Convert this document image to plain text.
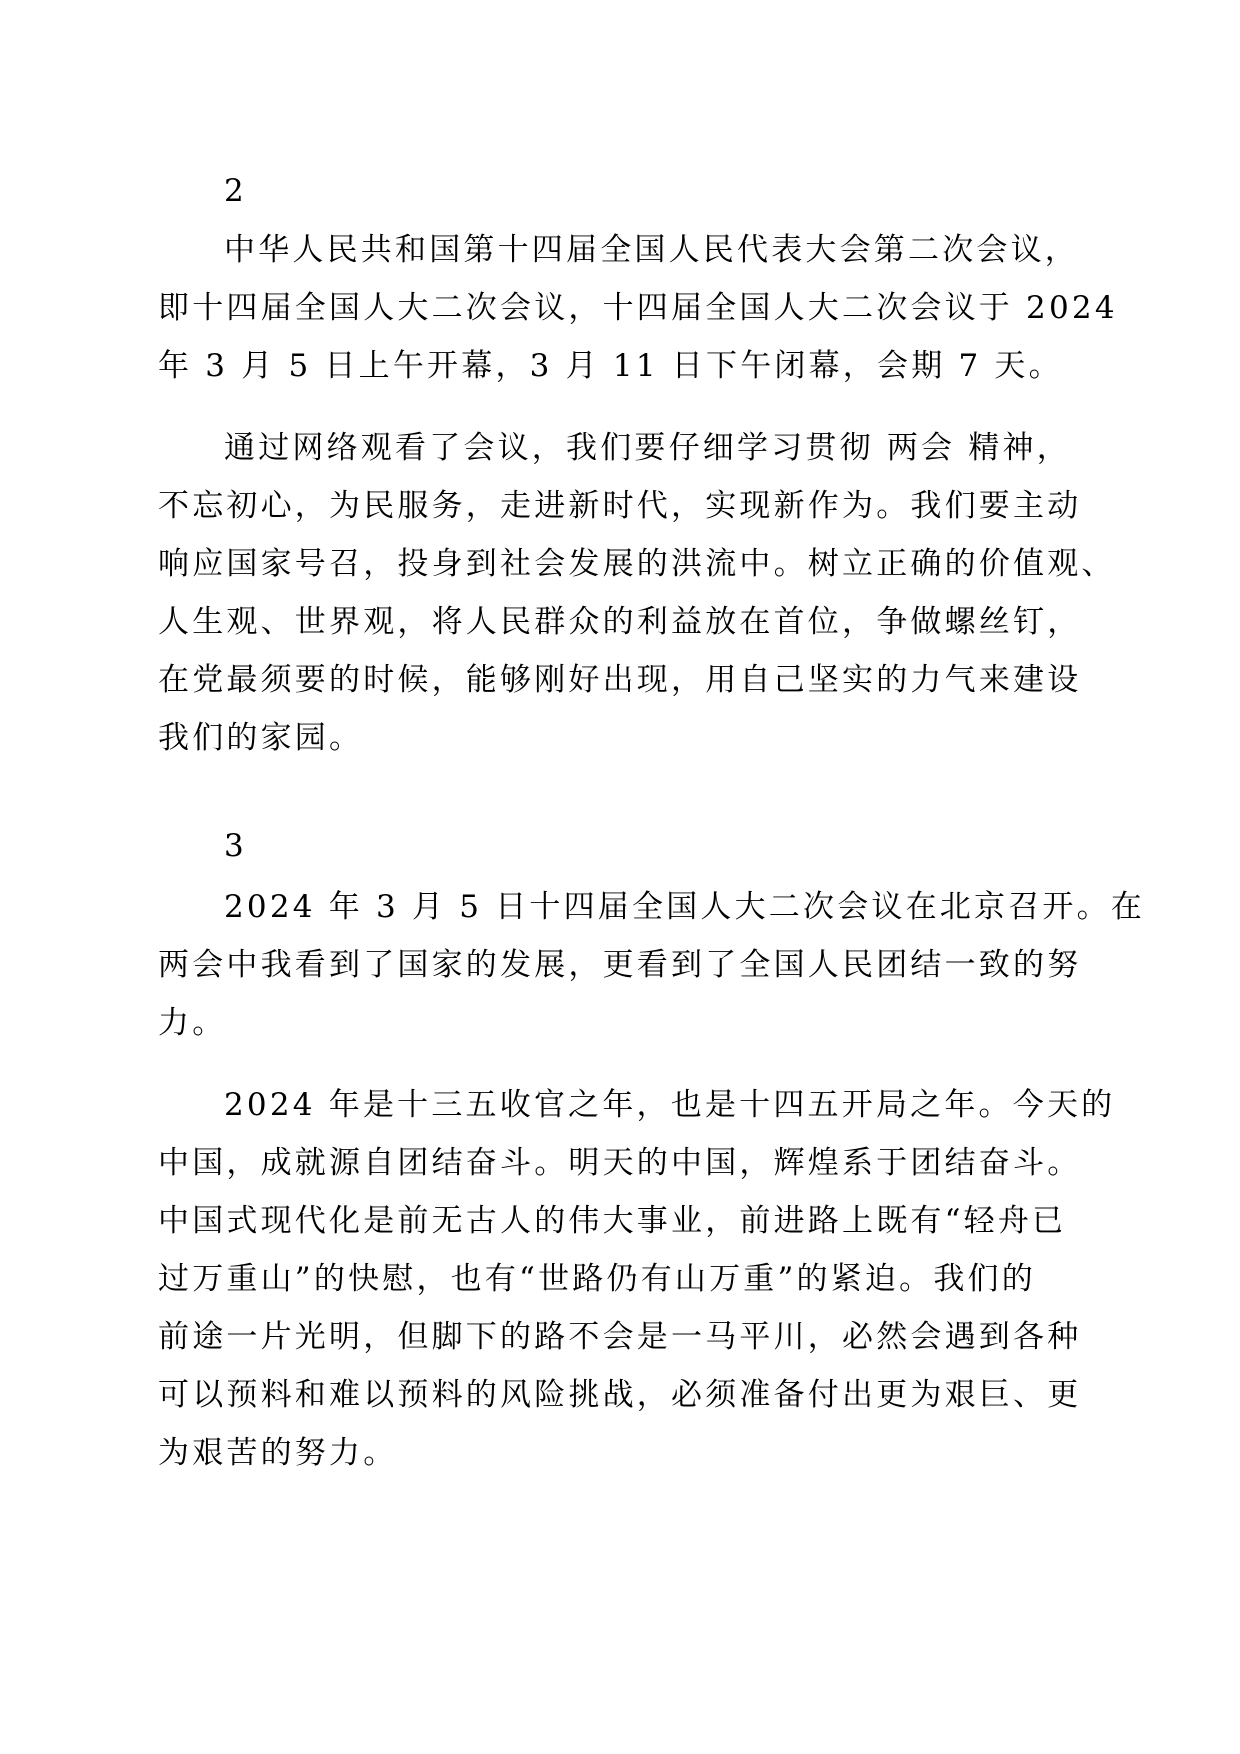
2
中华人民共和国第十四届全国人民代表大会第二次会议，
即十四届全国人大二次会议，十四届全国人大二次会议于 2024
年 3 月 5 日上午开幕，3 月 11 日下午闭幕，会期 7 天。
通过网络观看了会议，我们要仔细学习贯彻 两会 精神，
不忘初心，为民服务，走进新时代，实现新作为。我们要主动
响应国家号召，投身到社会发展的洪流中。树立正确的价值观、
人生观、世界观，将人民群众的利益放在首位，争做螺丝钉，
在党最须要的时候，能够刚好出现，用自己坚实的力气来建设
我们的家园。
3
2024 年 3 月 5 日十四届全国人大二次会议在北京召开。在
两会中我看到了国家的发展，更看到了全国人民团结一致的努
力。
2024 年是十三五收官之年，也是十四五开局之年。今天的
中国，成就源自团结奋斗。明天的中国，辉煌系于团结奋斗。
中国式现代化是前无古人的伟大事业，前进路上既有“轻舟已
过万重山”的快慰，也有“世路仍有山万重”的紧迫。我们的
前途一片光明，但脚下的路不会是一马平川，必然会遇到各种
可以预料和难以预料的风险挑战，必须准备付出更为艰巨、更
为艰苦的努力。
